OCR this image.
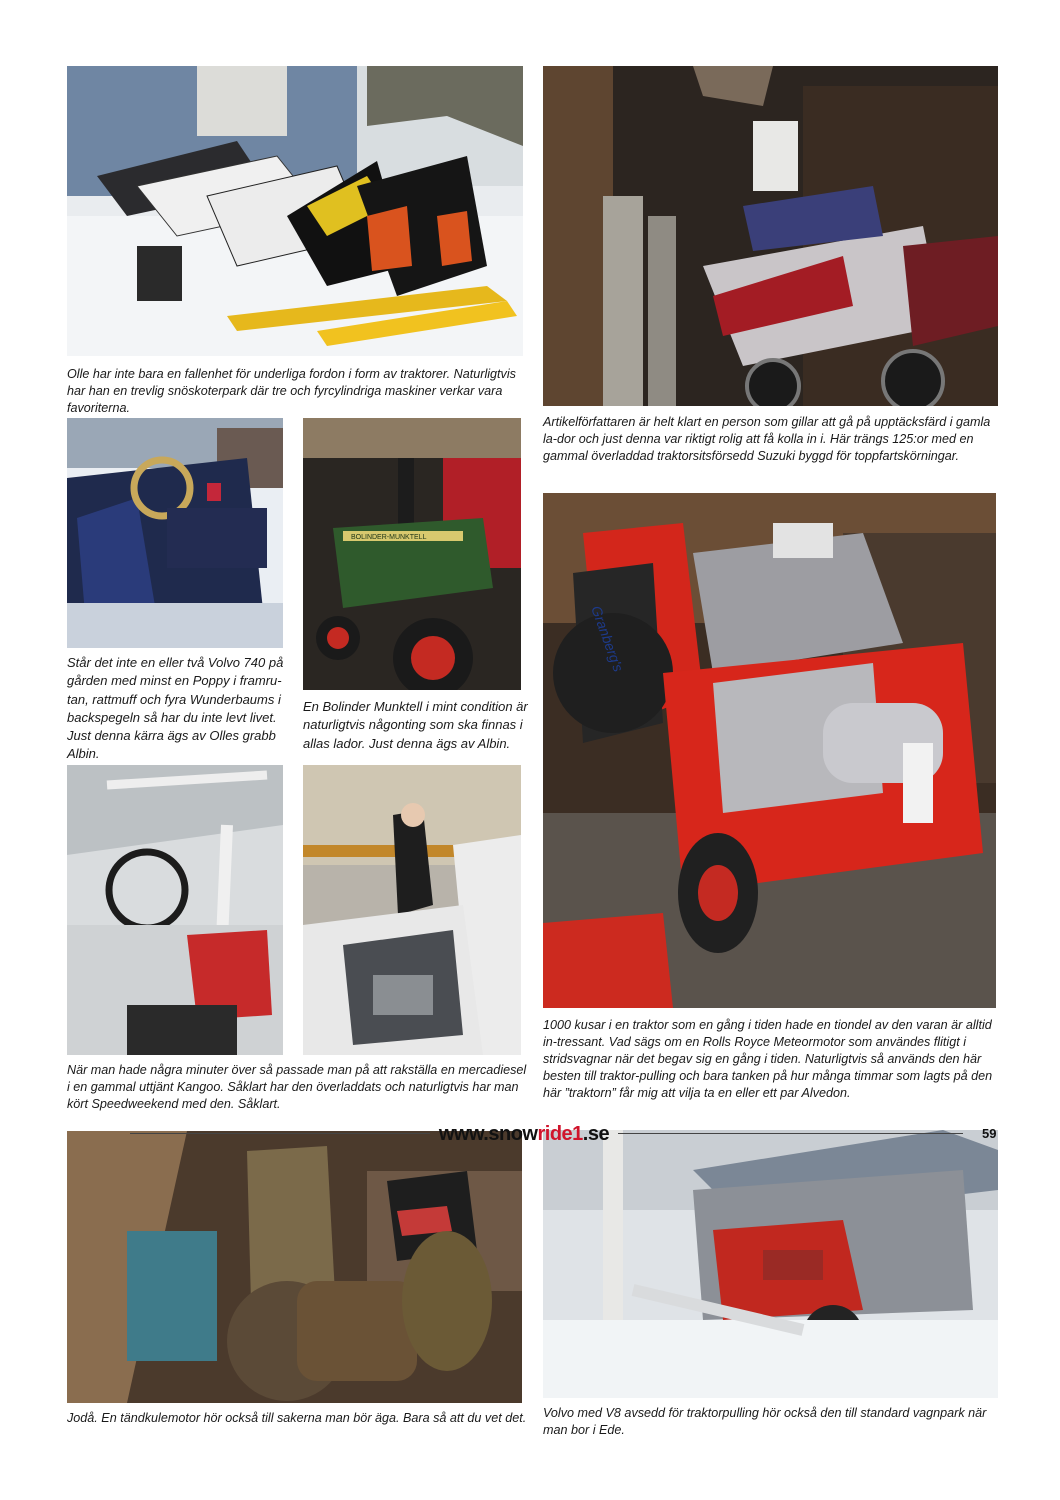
Olle har inte bara en fallenhet för underliga fordon i form av traktorer. Naturligtvis har han en trevlig snöskoterpark där tre och fyrcylindriga maskiner verkar vara favoriterna.

Artikelförfattaren är helt klart en person som gillar att gå på upptäcksfärd i gamla la-dor och just denna var riktigt rolig att få kolla in i. Här trängs 125:or med en gammal överladdad traktorsitsförsedd Suzuki byggd för toppfartskörningar.

Står det inte en eller två Volvo 740 på gården med minst en Poppy i framru-tan, rattmuff och fyra Wunderbaums i backspegeln så har du inte levt livet. Just denna kärra ägs av Olles grabb Albin.

BOLINDER-MUNKTELL

En Bolinder Munktell i mint condition är naturligtvis någonting som ska finnas i allas lador. Just denna ägs av Albin.

När man hade några minuter över så passade man på att rakställa en mercadiesel i en gammal uttjänt Kangoo. Såklart har den överladdats och naturligtvis har man kört Speedweekend med den. Såklart.

Granberg's

1000 kusar i en traktor som en gång i tiden hade en tiondel av den varan är alltid in-tressant. Vad sägs om en Rolls Royce Meteormotor som användes flitigt i stridsvagnar när det begav sig en gång i tiden. Naturligtvis så används den här besten till traktor-pulling och bara tanken på hur många timmar som lagts på den här ”traktorn” får mig att vilja ta en eller ett par Alvedon.

Jodå. En tändkulemotor hör också till sakerna man bör äga. Bara så att du vet det. Volvo med V8 avsedd för traktorpulling hör också den till standard vagnpark när man bor i Ede.

www.snowride1.se	59
